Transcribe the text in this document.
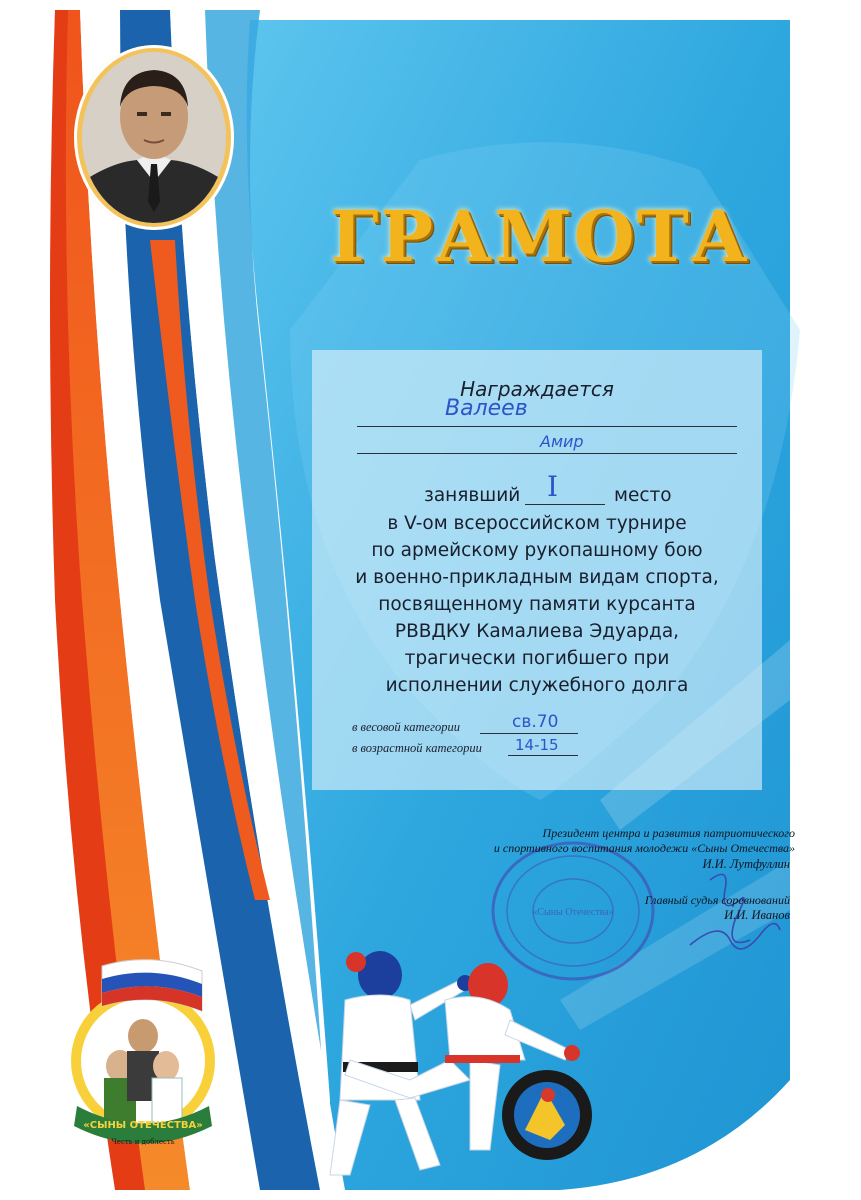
ГРАМОТА
Награждается
Валеев
Амир
занявший I	место
в V-ом всероссийском турнире
по армейскому рукопашному бою
и военно-прикладным видам спорта,
посвященному памяти курсанта
РВВДКУ Камалиева Эдуарда,
трагически погибшего при
исполнении служебного долга
в весовой категории	св.70
в возрастной категории 14-15
«Сыны Отечества»
Президент центра и развития патриотического
и спортивного воспитания молодежи «Сыны Отечества»
И.И. Лутфуллин
Главный судья соревнований
И.И. Иванов
«СЫНЫ ОТЕЧЕСТВА»
Честь и доблесть
